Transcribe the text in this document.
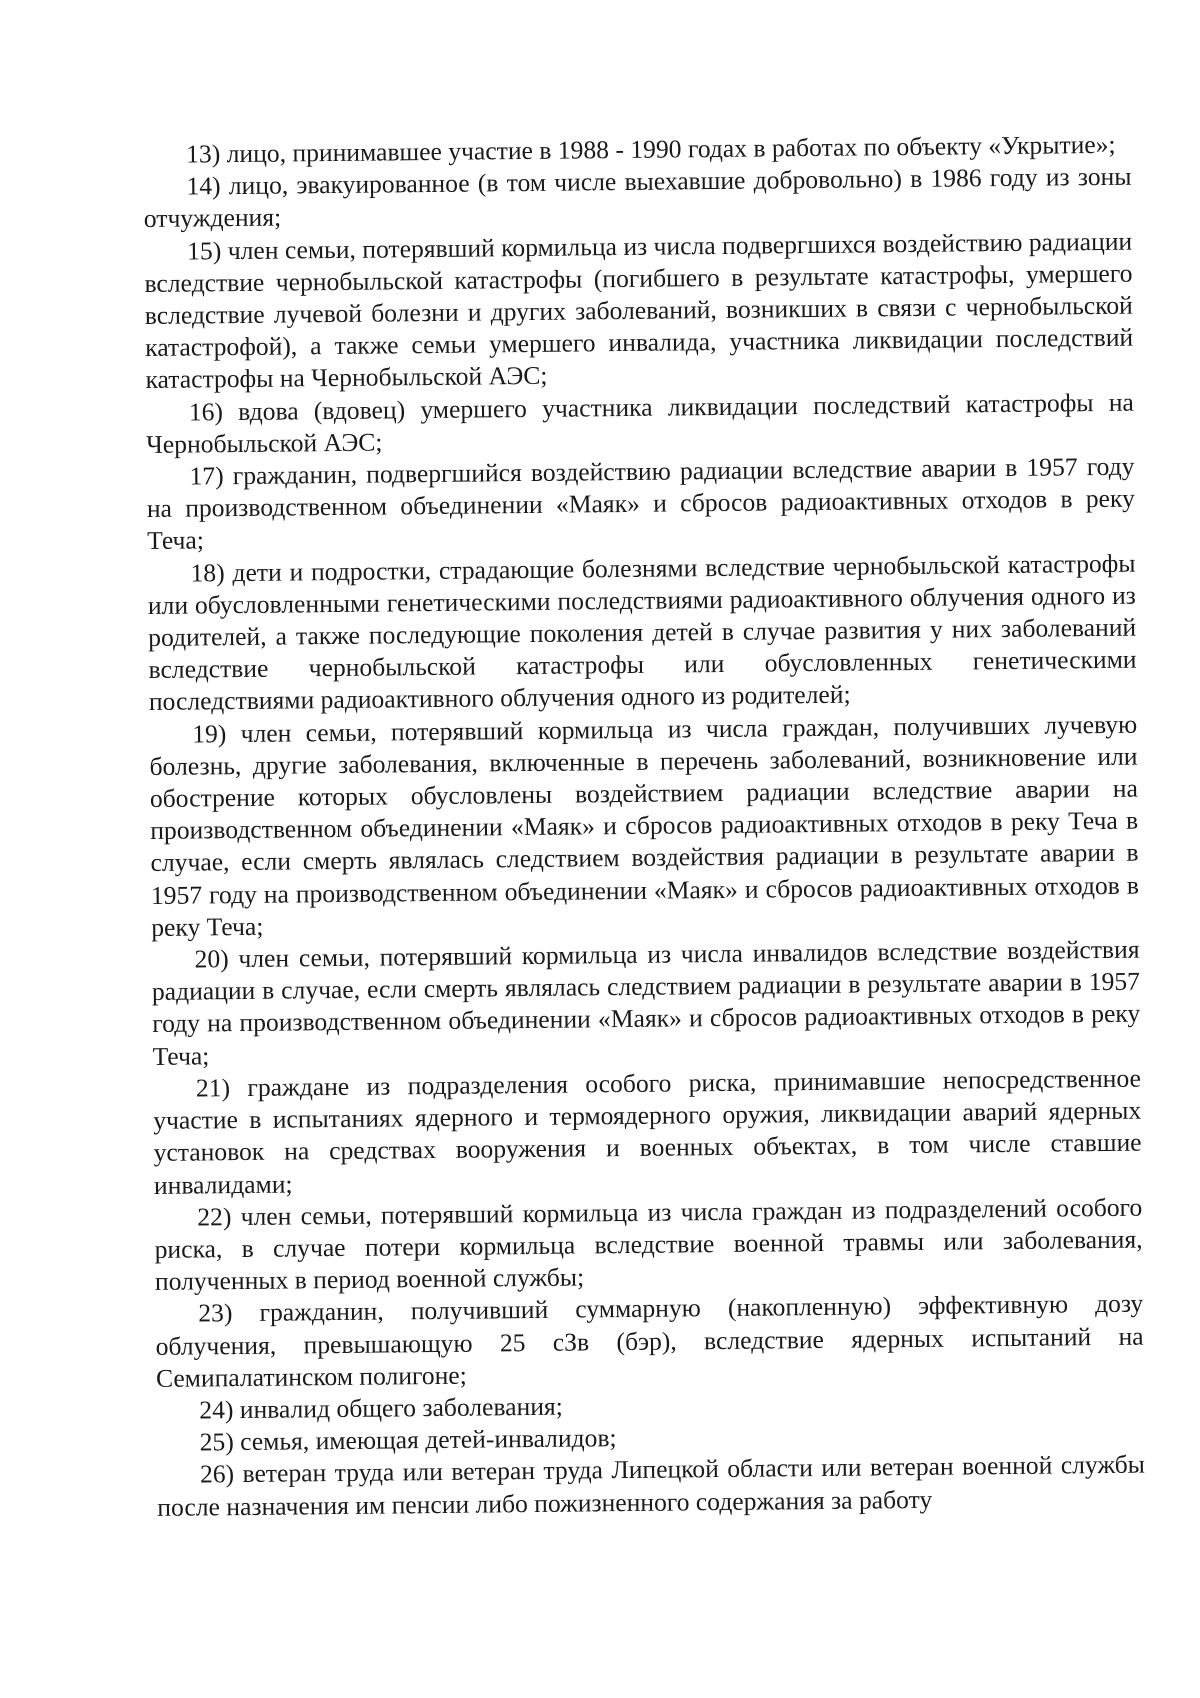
13) лицо, принимавшее участие в 1988 - 1990 годах в работах по объекту «Укрытие»;

14) лицо, эвакуированное (в том числе выехавшие добровольно) в 1986 году из зоны отчуждения;

15) член семьи, потерявший кормильца из числа подвергшихся воздействию радиации вследствие чернобыльской катастрофы (погибшего в результате катастрофы, умершего вследствие лучевой болезни и других заболеваний, возникших в связи с чернобыльской катастрофой), а также семьи умершего инвалида, участника ликвидации последствий катастрофы на Чернобыльской АЭС;

16) вдова (вдовец) умершего участника ликвидации последствий катастрофы на Чернобыльской АЭС;

17) гражданин, подвергшийся воздействию радиации вследствие аварии в 1957 году на производственном объединении «Маяк» и сбросов радиоактивных отходов в реку Теча;

18) дети и подростки, страдающие болезнями вследствие чернобыльской катастрофы или обусловленными генетическими последствиями радиоактивного облучения одного из родителей, а также последующие поколения детей в случае развития у них заболеваний вследствие чернобыльской катастрофы или обусловленных генетическими последствиями радиоактивного облучения одного из родителей;

19) член семьи, потерявший кормильца из числа граждан, получивших лучевую болезнь, другие заболевания, включенные в перечень заболеваний, возникновение или обострение которых обусловлены воздействием радиации вследствие аварии на производственном объединении «Маяк» и сбросов радиоактивных отходов в реку Теча в случае, если смерть являлась следствием воздействия радиации в результате аварии в 1957 году на производственном объединении «Маяк» и сбросов радиоактивных отходов в реку Теча;

20) член семьи, потерявший кормильца из числа инвалидов вследствие воздействия радиации в случае, если смерть являлась следствием радиации в результате аварии в 1957 году на производственном объединении «Маяк» и сбросов радиоактивных отходов в реку Теча;

21) граждане из подразделения особого риска, принимавшие непосредственное участие в испытаниях ядерного и термоядерного оружия, ликвидации аварий ядерных установок на средствах вооружения и военных объектах, в том числе ставшие инвалидами;

22) член семьи, потерявший кормильца из числа граждан из подразделений особого риска, в случае потери кормильца вследствие военной травмы или заболевания, полученных в период военной службы;

23) гражданин, получивший суммарную (накопленную) эффективную дозу облучения, превышающую 25 сЗв (бэр), вследствие ядерных испытаний на Семипалатинском полигоне;

24) инвалид общего заболевания;

25) семья, имеющая детей-инвалидов;

26) ветеран труда или ветеран труда Липецкой области или ветеран военной службы после назначения им пенсии либо пожизненного содержания за работу
